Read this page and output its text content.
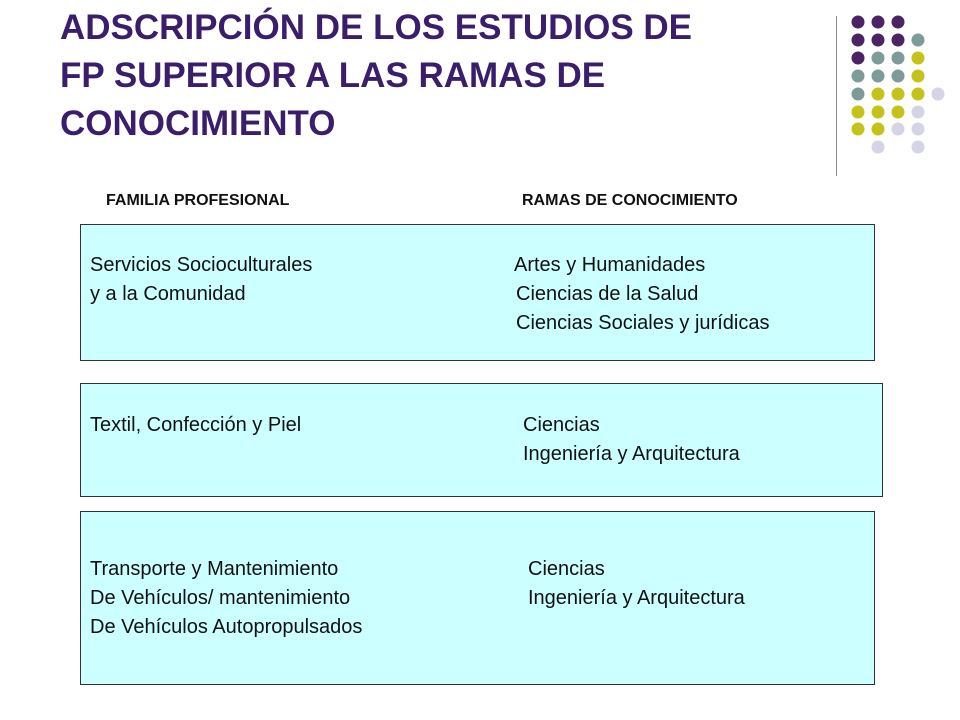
ADSCRIPCIÓN DE LOS ESTUDIOS DE
FP SUPERIOR A LAS RAMAS DE
CONOCIMIENTO
FAMILIA PROFESIONAL	RAMAS DE CONOCIMIENTO
Servicios Socioculturales
y a la Comunidad
Artes y Humanidades
Ciencias de la Salud
Ciencias Sociales y jurídicas
Textil, Confección y Piel	Ciencias
Ingeniería y Arquitectura
Transporte y Mantenimiento
De Vehículos/ mantenimiento
De Vehículos Autopropulsados
Ciencias
Ingeniería y Arquitectura
